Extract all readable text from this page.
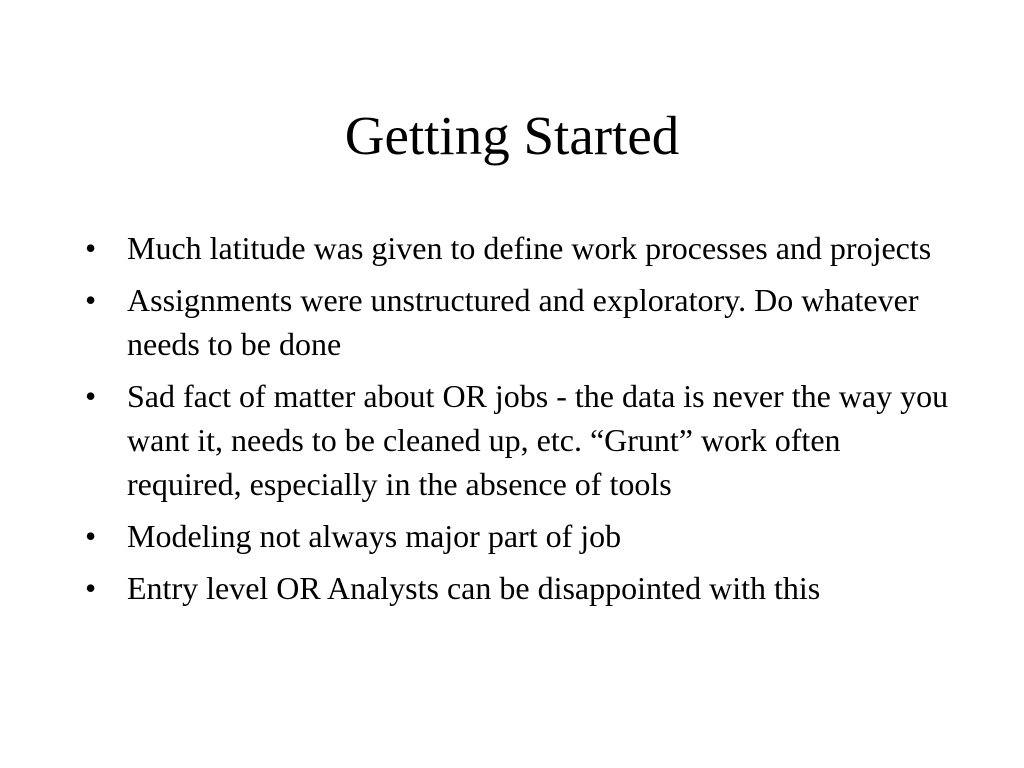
Getting Started
• Much latitude was given to define work processes and projects
• Assignments were unstructured and exploratory. Do whatever needs to be done
• Sad fact of matter about OR jobs - the data is never the way you want it, needs to be cleaned up, etc. “Grunt” work often required, especially in the absence of tools
• Modeling not always major part of job
• Entry level OR Analysts can be disappointed with this
